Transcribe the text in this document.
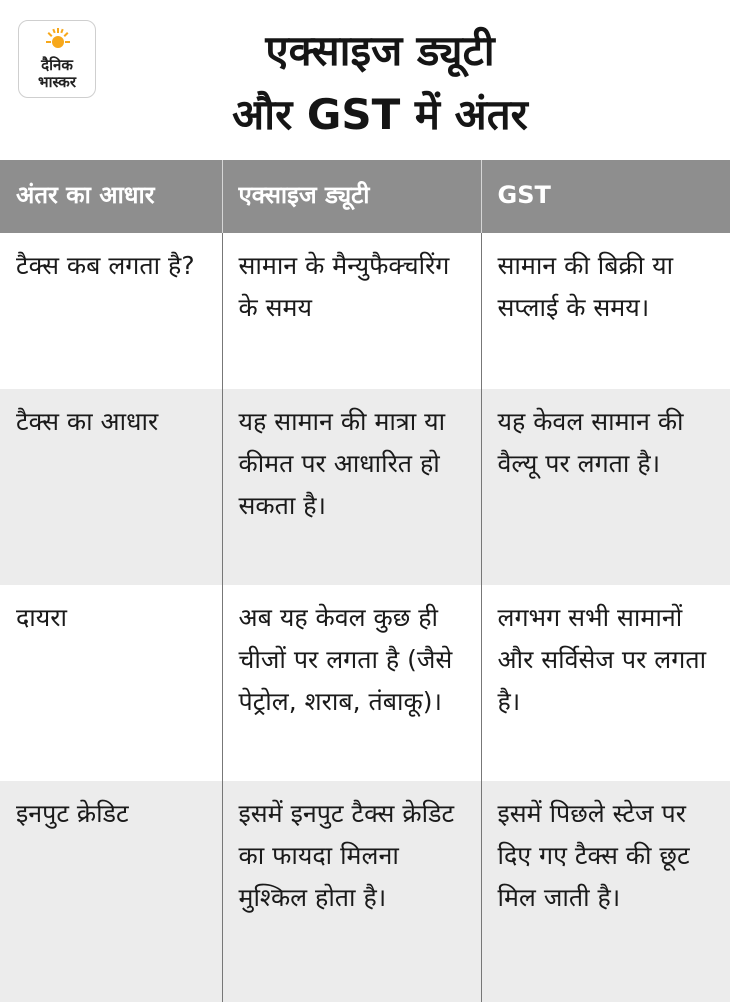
दैनिक
भास्कर
एक्साइज ड्यूटी
और GST में अंतर
अंतर का आधार	एक्साइज ड्यूटी	GST
टैक्स कब लगता है?	सामान के मैन्युफैक्चरिंग के समय	सामान की बिक्री या सप्लाई के समय।
टैक्स का आधार	यह सामान की मात्रा या कीमत पर आधारित हो सकता है।	यह केवल सामान की वैल्यू पर लगता है।
दायरा	अब यह केवल कुछ ही चीजों पर लगता है (जैसे पेट्रोल, शराब, तंबाकू)।	लगभग सभी सामानों और सर्विसेज पर लगता है।
इनपुट क्रेडिट	इसमें इनपुट टैक्स क्रेडिट का फायदा मिलना मुश्किल होता है।	इसमें पिछले स्टेज पर दिए गए टैक्स की छूट मिल जाती है।
